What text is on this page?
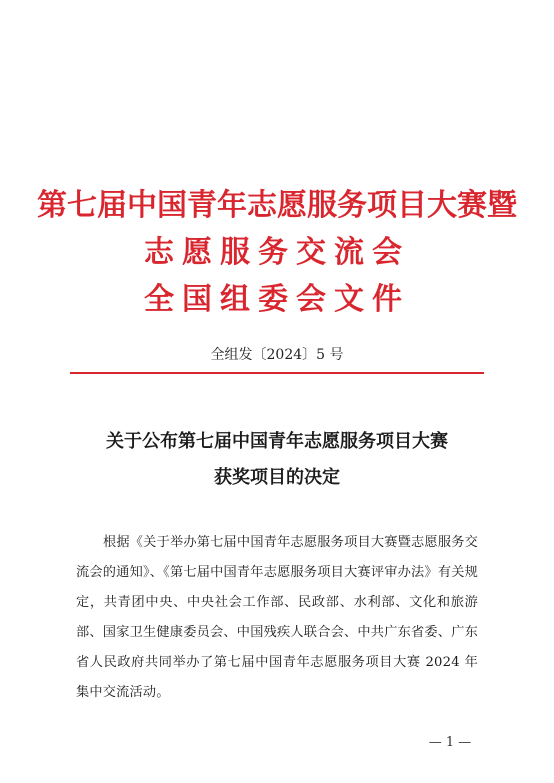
第七届中国青年志愿服务项目大赛暨
志愿服务交流会
全国组委会文件
全组发〔2024〕5 号
关于公布第七届中国青年志愿服务项目大赛
获奖项目的决定

根据《关于举办第七届中国青年志愿服务项目大赛暨志愿服务交流会的通知》、《第七届中国青年志愿服务项目大赛评审办法》有关规定，共青团中央、中央社会工作部、民政部、水利部、文化和旅游部、国家卫生健康委员会、中国残疾人联合会、中共广东省委、广东省人民政府共同举办了第七届中国青年志愿服务项目大赛 2024 年集中交流活动。

— 1 —
